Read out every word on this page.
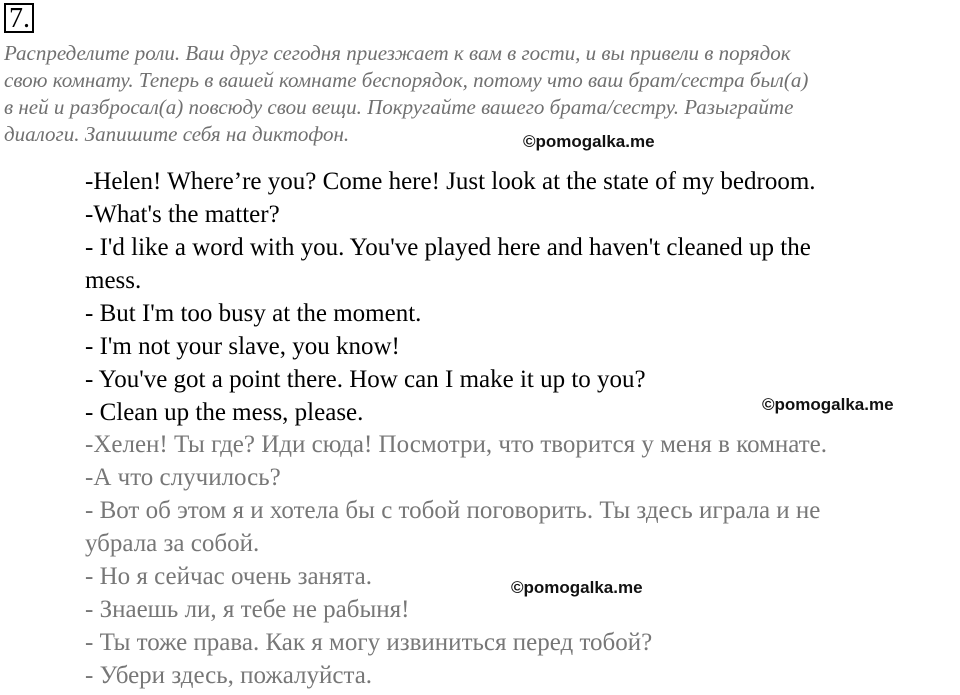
7.
Распределите роли. Ваш друг сегодня приезжает к вам в гости, и вы привели в порядок
свою комнату. Теперь в вашей комнате беспорядок, потому что ваш брат/сестра был(а)
в ней и разбросал(а) повсюду свои вещи. Покругайте вашего брата/сестру. Разыграйте
диалоги. Запишите себя на диктофон.	©pomogalka.me
-Helen! Where’re you? Come here! Just look at the state of my bedroom.
-What's the matter?
- I'd like a word with you. You've played here and haven't cleaned up the
mess.
- But I'm too busy at the moment.
- I'm not your slave, you know!
- You've got a point there. How can I make it up to you?
- Clean up the mess, please.	©pomogalka.me
-Хелен! Ты где? Иди сюда! Посмотри, что творится у меня в комнате.
-А что случилось?
- Вот об этом я и хотела бы с тобой поговорить. Ты здесь играла и не
убрала за собой.
- Но я сейчас очень занята.
- Знаешь ли, я тебе не рабыня!
- Ты тоже права. Как я могу извиниться перед тобой?
- Убери здесь, пожалуйста.
©pomogalka.me
